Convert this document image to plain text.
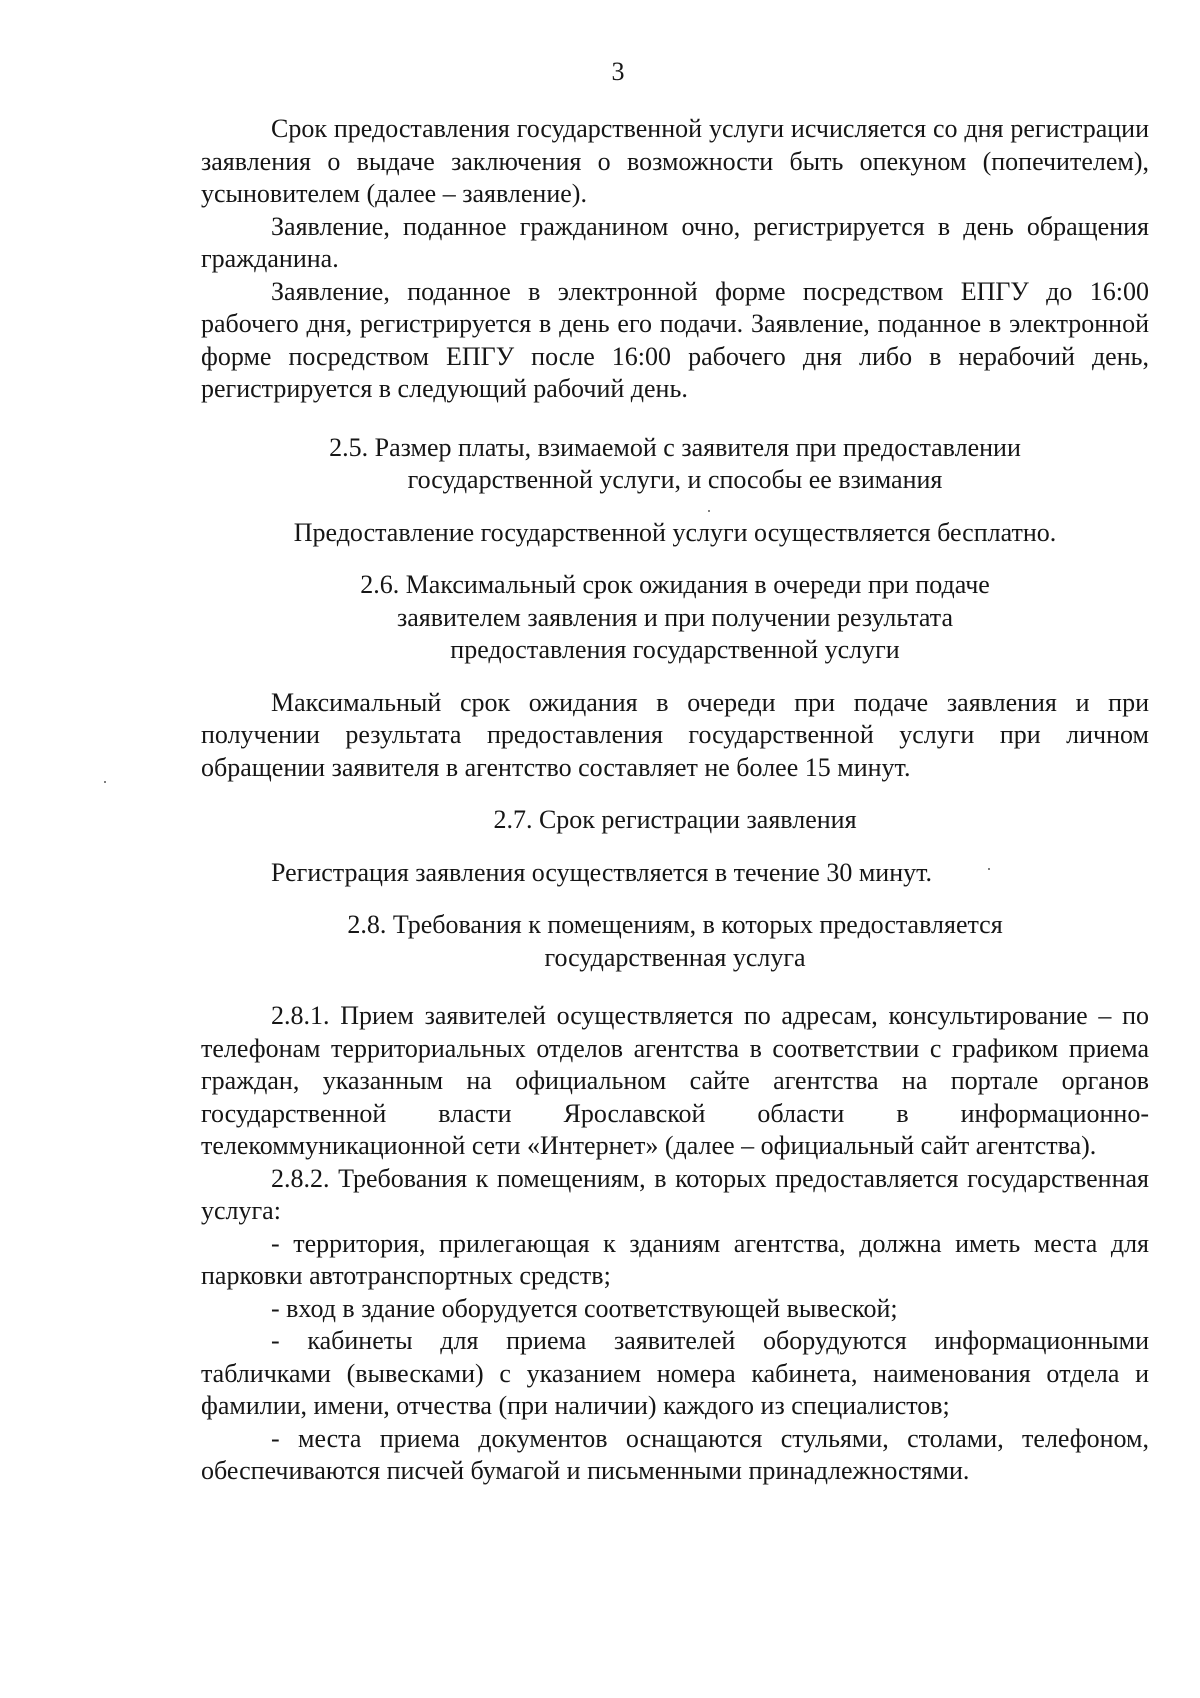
3

Срок предоставления государственной услуги исчисляется со дня регистрации заявления о выдаче заключения о возможности быть опекуном (попечителем), усыновителем (далее – заявление).

Заявление, поданное гражданином очно, регистрируется в день обращения гражданина.

Заявление, поданное в электронной форме посредством ЕПГУ до 16:00 рабочего дня, регистрируется в день его подачи. Заявление, поданное в электронной форме посредством ЕПГУ после 16:00 рабочего дня либо в нерабочий день, регистрируется в следующий рабочий день.

2.5. Размер платы, взимаемой с заявителя при предоставлении
государственной услуги, и способы ее взимания

Предоставление государственной услуги осуществляется бесплатно.

2.6. Максимальный срок ожидания в очереди при подаче
заявителем заявления и при получении результата
предоставления государственной услуги

Максимальный срок ожидания в очереди при подаче заявления и при получении результата предоставления государственной услуги при личном обращении заявителя в агентство составляет не более 15 минут.

2.7. Срок регистрации заявления

Регистрация заявления осуществляется в течение 30 минут.

2.8. Требования к помещениям, в которых предоставляется
государственная услуга

2.8.1. Прием заявителей осуществляется по адресам, консультирование – по телефонам территориальных отделов агентства в соответствии с графиком приема граждан, указанным на официальном сайте агентства на портале органов государственной власти Ярославской области в информационно-телекоммуникационной сети «Интернет» (далее – официальный сайт агентства).

2.8.2. Требования к помещениям, в которых предоставляется государственная услуга:

- территория, прилегающая к зданиям агентства, должна иметь места для парковки автотранспортных средств;

- вход в здание оборудуется соответствующей вывеской;

- кабинеты для приема заявителей оборудуются информационными табличками (вывесками) с указанием номера кабинета, наименования отдела и фамилии, имени, отчества (при наличии) каждого из специалистов;

- места приема документов оснащаются стульями, столами, телефоном, обеспечиваются писчей бумагой и письменными принадлежностями.
